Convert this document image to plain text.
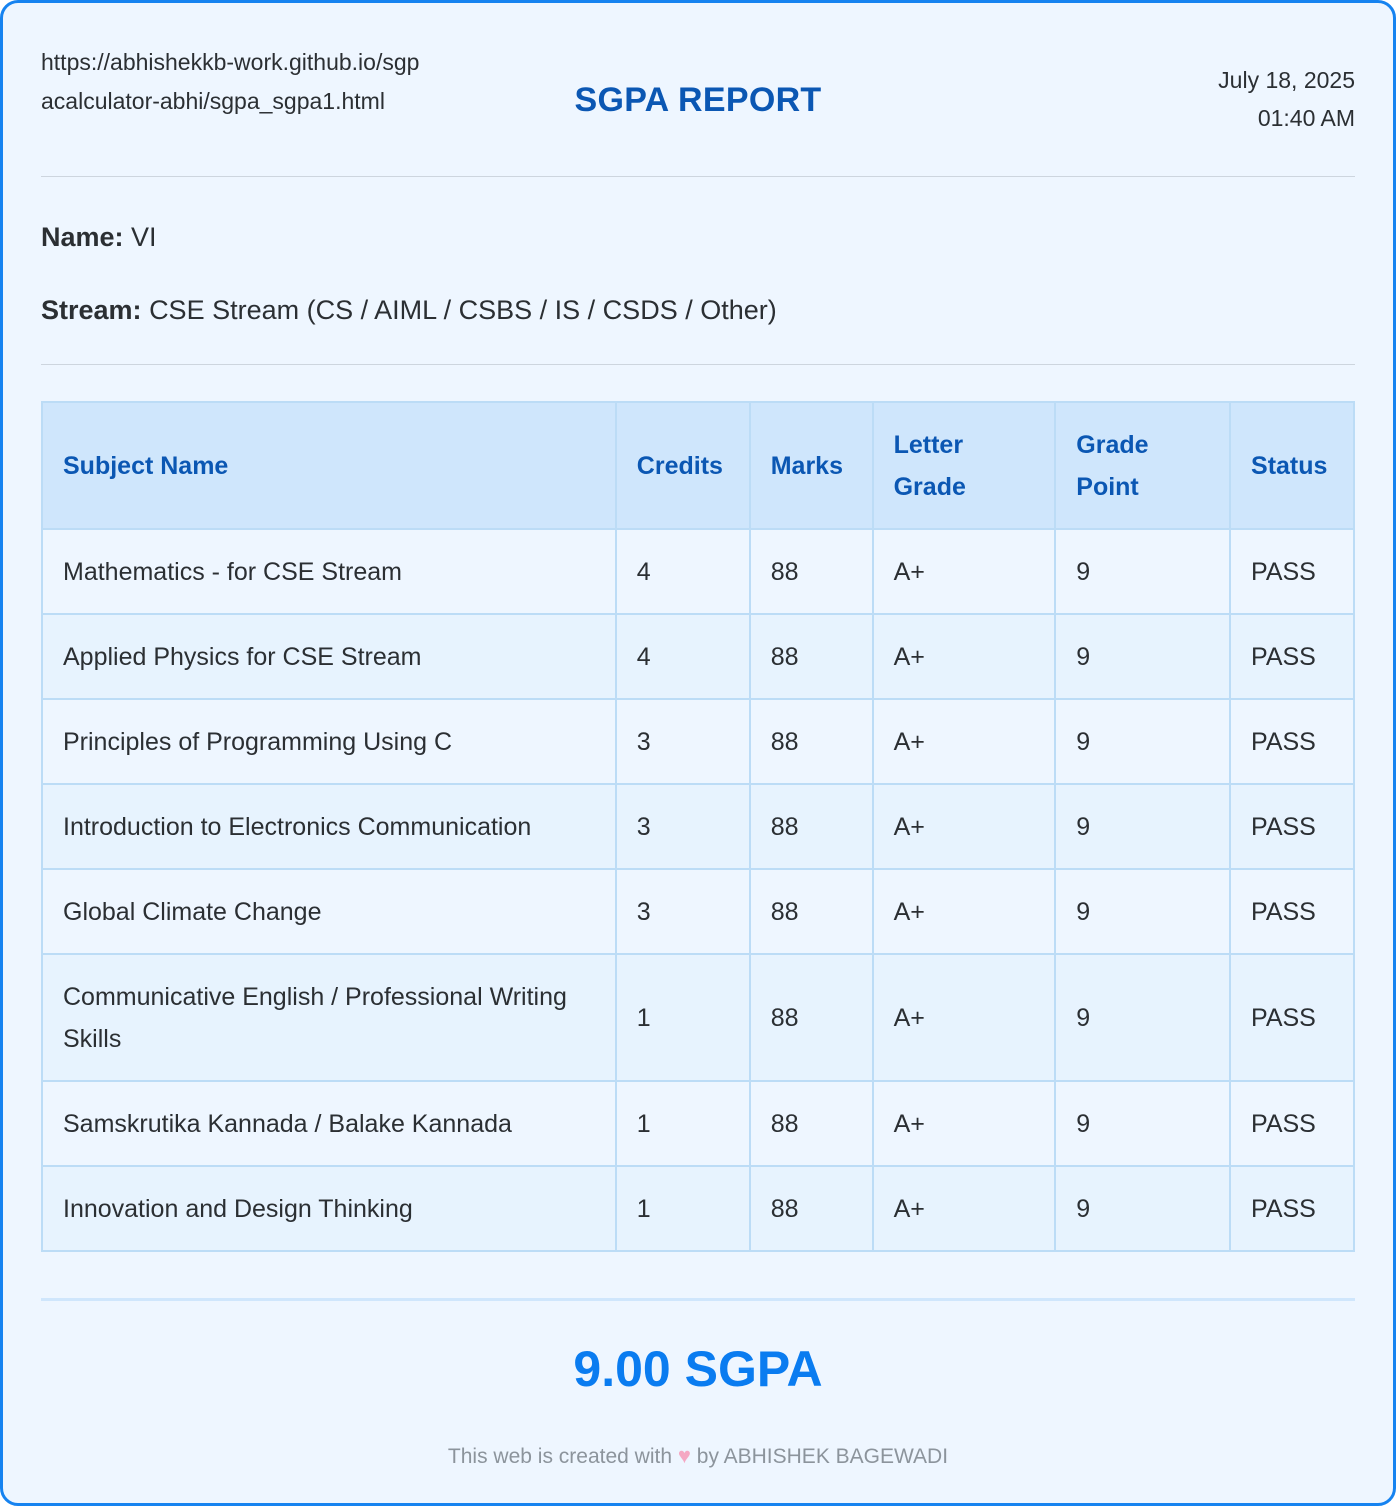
https://abhishekkb-work.github.io/sgpacalculator-abhi/sgpa_sgpa1.html	SGPA REPORT
July 18, 2025
01:40 AM
Name: VI
Stream: CSE Stream (CS / AIML / CSBS / IS / CSDS / Other)
Subject Name	Credits	Marks	Letter Grade	Grade Point	Status
Mathematics - for CSE Stream	4	88	A+	9	PASS
Applied Physics for CSE Stream	4	88	A+	9	PASS
Principles of Programming Using C	3	88	A+	9	PASS
Introduction to Electronics Communication	3	88	A+	9	PASS
Global Climate Change	3	88	A+	9	PASS
Communicative English / Professional Writing Skills	1	88	A+	9	PASS
Samskrutika Kannada / Balake Kannada	1	88	A+	9	PASS
Innovation and Design Thinking	1	88	A+	9	PASS
9.00 SGPA
This web is created with ♥ by ABHISHEK BAGEWADI
